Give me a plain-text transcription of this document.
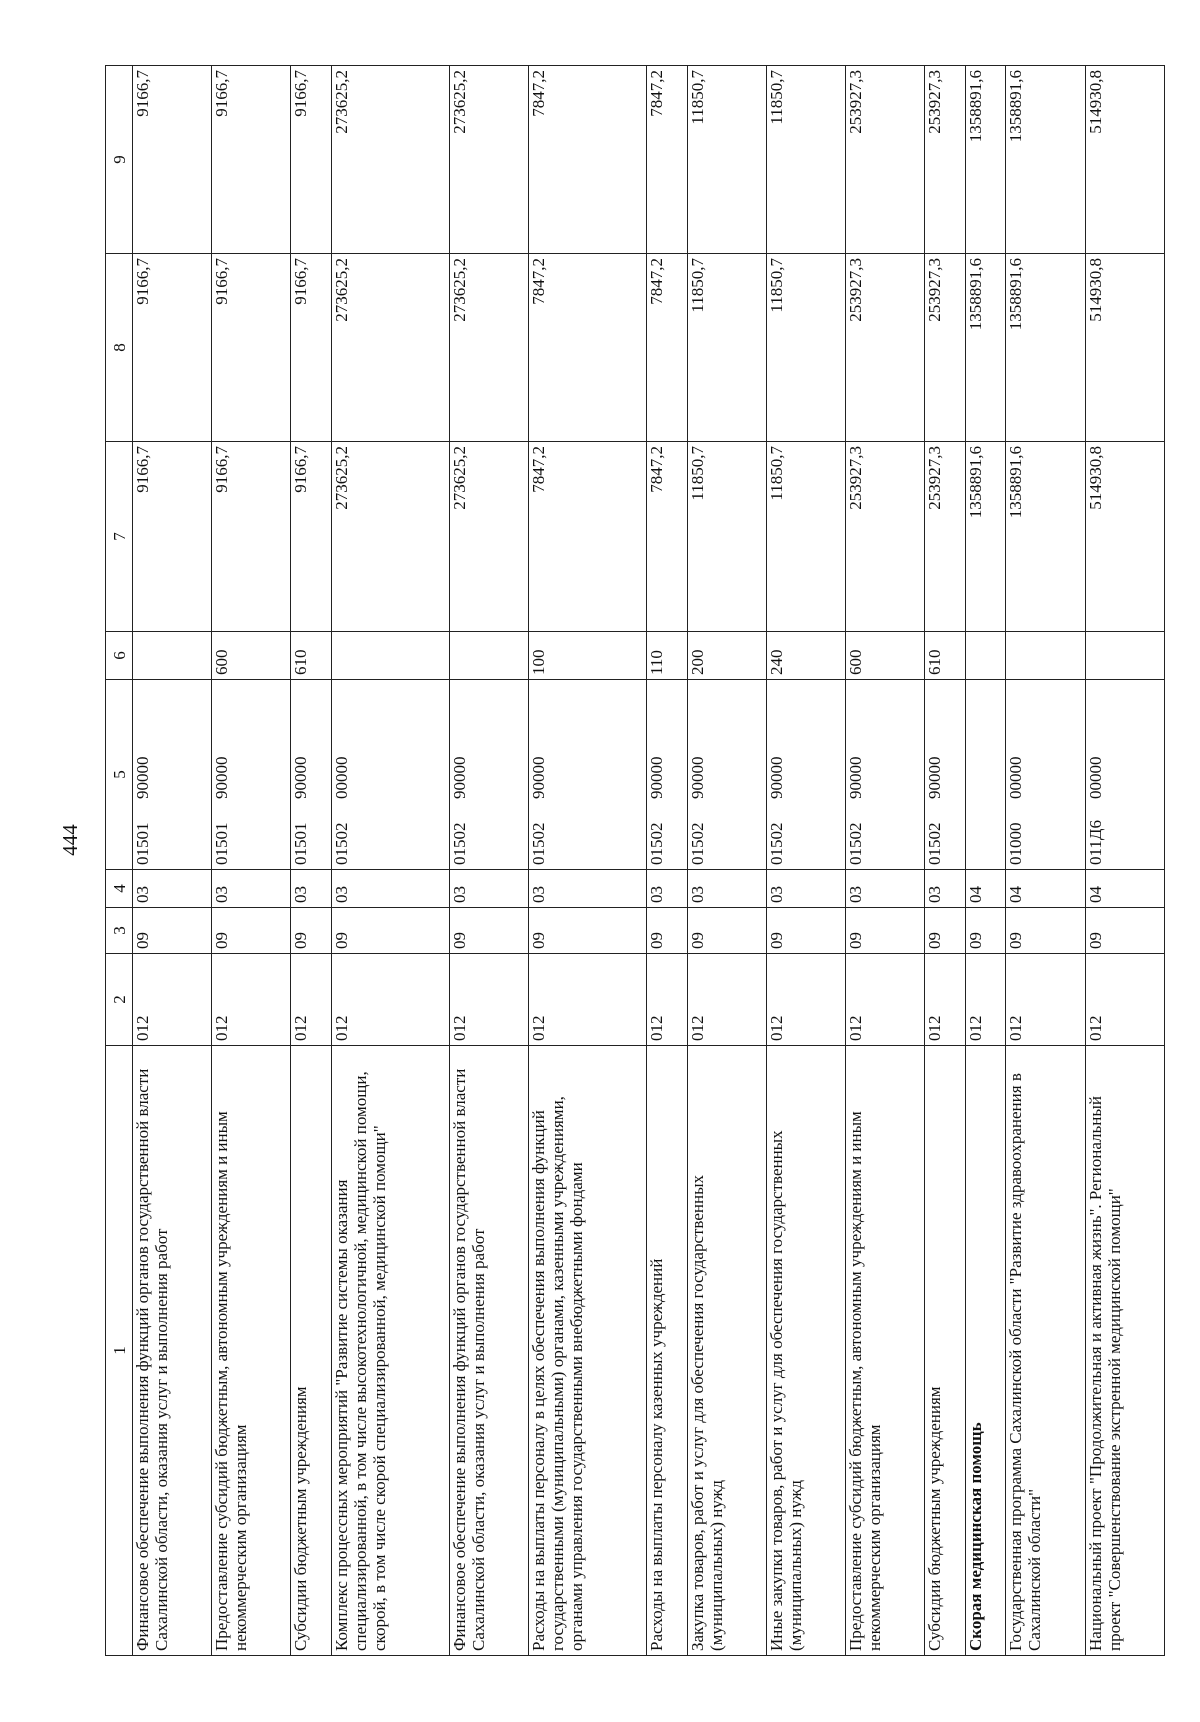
444
1	2	3	4	5	6	7	8	9
Финансовое обеспечение выполнения функций органов государственной власти Сахалинской области, оказания услуг и выполнения работ	012	09	03	0150190000		9166,7	9166,7	9166,7
Предоставление субсидий бюджетным, автономным учреждениям и иным некоммерческим организациям	012	09	03	0150190000	600	9166,7	9166,7	9166,7
Субсидии бюджетным учреждениям	012	09	03	0150190000	610	9166,7	9166,7	9166,7
Комплекс процессных мероприятий "Развитие системы оказания специализированной, в том числе высокотехнологичной, медицинской помощи, скорой, в том числе скорой специализированной, медицинской помощи"	012	09	03	0150200000		273625,2	273625,2	273625,2
Финансовое обеспечение выполнения функций органов государственной власти Сахалинской области, оказания услуг и выполнения работ	012	09	03	0150290000		273625,2	273625,2	273625,2
Расходы на выплаты персоналу в целях обеспечения выполнения функций государственными (муниципальными) органами, казенными учреждениями, органами управления государственными внебюджетными фондами	012	09	03	0150290000	100	7847,2	7847,2	7847,2
Расходы на выплаты персоналу казенных учреждений	012	09	03	0150290000	110	7847,2	7847,2	7847,2
Закупка товаров, работ и услуг для обеспечения государственных (муниципальных) нужд	012	09	03	0150290000	200	11850,7	11850,7	11850,7
Иные закупки товаров, работ и услуг для обеспечения государственных (муниципальных) нужд	012	09	03	0150290000	240	11850,7	11850,7	11850,7
Предоставление субсидий бюджетным, автономным учреждениям и иным некоммерческим организациям	012	09	03	0150290000	600	253927,3	253927,3	253927,3
Субсидии бюджетным учреждениям	012	09	03	0150290000	610	253927,3	253927,3	253927,3
Скорая медицинская помощь	012	09	04			1358891,6	1358891,6	1358891,6
Государственная программа Сахалинской области "Развитие здравоохранения в Сахалинской области"	012	09	04	0100000000		1358891,6	1358891,6	1358891,6
Национальный проект "Продолжительная и активная жизнь". Региональный проект "Совершенствование экстренной медицинской помощи"	012	09	04	011Д600000		514930,8	514930,8	514930,8
